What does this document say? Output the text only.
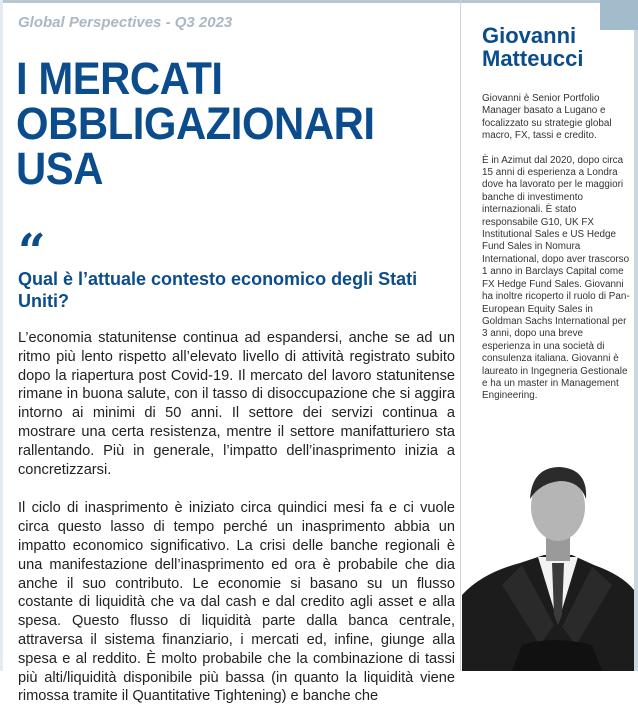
Global Perspectives - Q3 2023
I MERCATI
OBBLIGAZIONARI
USA
“
Qual è l’attuale contesto economico degli Stati Uniti?

L’economia statunitense continua ad espandersi, anche se ad un ritmo più lento rispetto all’elevato livello di attività registrato subito dopo la riapertura post Covid-19. Il mercato del lavoro statunitense rimane in buona salute, con il tasso di disoccupazione che si aggira intorno ai minimi di 50 anni. Il settore dei servizi continua a mostrare una certa resistenza, mentre il settore manifatturiero sta rallentando. Più in generale, l’impatto dell’inasprimento inizia a concretizzarsi.

Il ciclo di inasprimento è iniziato circa quindici mesi fa e ci vuole circa questo lasso di tempo perché un inasprimento abbia un impatto economico significativo. La crisi delle banche regionali è una manifestazione dell’inasprimento ed ora è probabile che dia anche il suo contributo. Le economie si basano su un flusso costante di liquidità che va dal cash e dal credito agli asset e alla spesa. Questo flusso di liquidità parte dalla banca centrale, attraversa il sistema finanziario, i mercati ed, infine, giunge alla spesa e al reddito. È molto probabile che la combinazione di tassi più alti/liquidità disponibile più bassa (in quanto la liquidità viene rimossa tramite il Quantitative Tightening) e banche che

Giovanni
Matteucci

Giovanni è Senior Portfolio Manager basato a Lugano e focalizzato su strategie global macro, FX, tassi e credito.

È in Azimut dal 2020, dopo circa 15 anni di esperienza a Londra dove ha lavorato per le maggiori banche di investimento internazionali. È stato responsabile G10, UK FX Institutional Sales e US Hedge Fund Sales in Nomura International, dopo aver trascorso 1 anno in Barclays Capital come FX Hedge Fund Sales. Giovanni ha inoltre ricoperto il ruolo di Pan-European Equity Sales in Goldman Sachs International per 3 anni, dopo una breve esperienza in una società di consulenza italiana. Giovanni è laureato in Ingegneria Gestionale e ha un master in Management Engineering.
